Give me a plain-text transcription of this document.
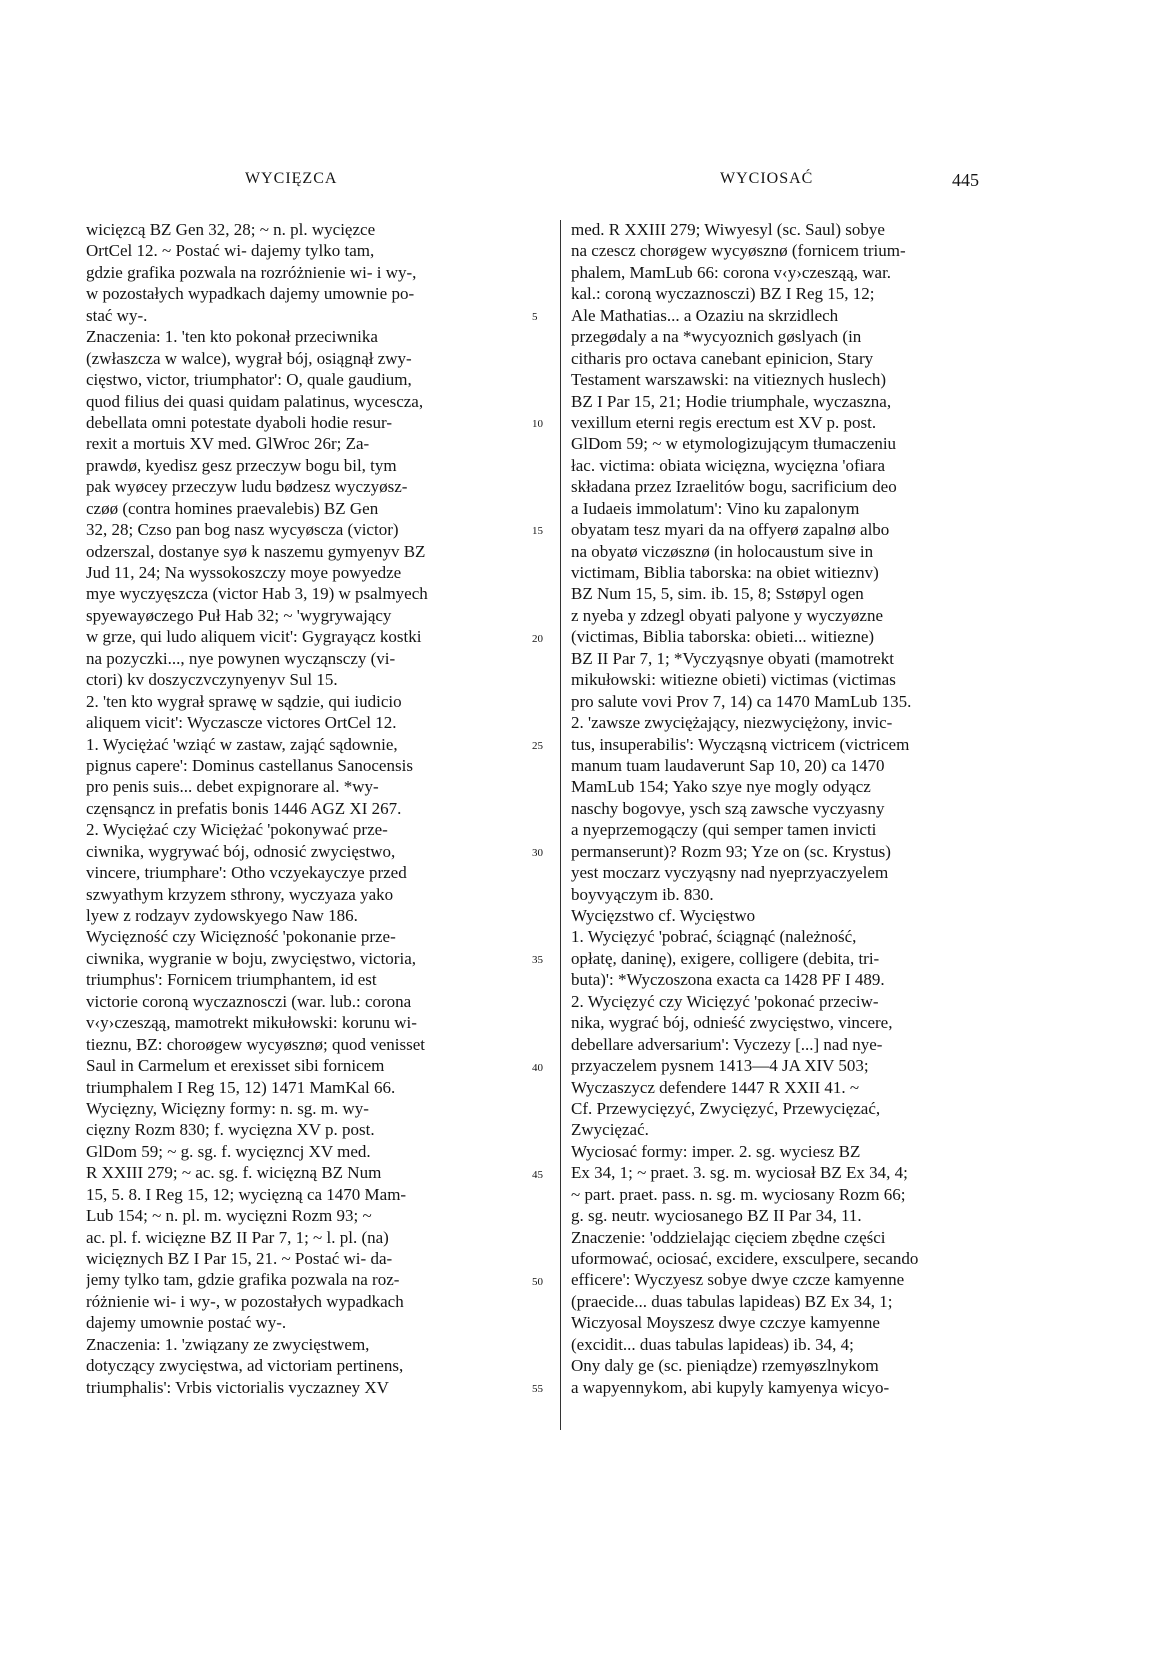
WYCIĘZCA	WYCIOSAĆ	445
wicięzcą BZ Gen 32, 28; ~ n. pl. wycięzce
OrtCel 12. ~ Postać wi- dajemy tylko tam,
gdzie grafika pozwala na rozróżnienie wi- i wy-,
w pozostałych wypadkach dajemy umownie po-
stać wy-.
Znaczenia: 1. 'ten kto pokonał przeciwnika
(zwłaszcza w walce), wygrał bój, osiągnął zwy-
cięstwo, victor, triumphator': O, quale gaudium,
quod filius dei quasi quidam palatinus, wycescza,
debellata omni potestate dyaboli hodie resur-
rexit a mortuis XV med. GlWroc 26r; Za-
prawdø, kyedisz gesz przeczyw bogu bil, tym
pak wyøcey przeczyw ludu bødzesz wyczyøsz-
czøø (contra homines praevalebis) BZ Gen
32, 28; Czso pan bog nasz wycyøscza (victor)
odzerszal, dostanye syø k naszemu gymyenyv BZ
Jud 11, 24; Na wyssokoszczy moye powyedze
mye wyczyęszcza (victor Hab 3, 19) w psalmyech
spyewayøczego Puł Hab 32; ~ 'wygrywający
w grze, qui ludo aliquem vicit': Gygrayącz kostki
na pozyczki..., nye powynen wycząnsczy (vi-
ctori) kv doszyczvczynyenyv Sul 15.
2. 'ten kto wygrał sprawę w sądzie, qui iudicio
aliquem vicit': Wyczascze victores OrtCel 12.
1. Wyciężać 'wziąć w zastaw, zająć sądownie,
pignus capere': Dominus castellanus Sanocensis
pro penis suis... debet expignorare al. *wy-
częnsąncz in prefatis bonis 1446 AGZ XI 267.
2. Wyciężać czy Wiciężać 'pokonywać prze-
ciwnika, wygrywać bój, odnosić zwycięstwo,
vincere, triumphare': Otho vczyekayczye przed
szwyathym krzyzem sthrony, wyczyaza yako
lyew z rodzayv zydowskyego Naw 186.
Wycięzność czy Wicięzność 'pokonanie prze-
ciwnika, wygranie w boju, zwycięstwo, victoria,
triumphus': Fornicem triumphantem, id est
victorie coroną wyczaznosczi (war. lub.: corona
v‹y›czesząą, mamotrekt mikułowski: korunu wi-
tieznu, BZ: choroøgew wycyøsznø; quod venisset
Saul in Carmelum et erexisset sibi fornicem
triumphalem I Reg 15, 12) 1471 MamKal 66.
Wycięzny, Wicięzny formy: n. sg. m. wy-
cięzny Rozm 830; f. wycięzna XV p. post.
GlDom 59; ~ g. sg. f. wycięzncj XV med.
R XXIII 279; ~ ac. sg. f. wicięzną BZ Num
15, 5. 8. I Reg 15, 12; wycięzną ca 1470 Mam-
Lub 154; ~ n. pl. m. wycięzni Rozm 93; ~
ac. pl. f. wicięzne BZ II Par 7, 1; ~ l. pl. (na)
wicięznych BZ I Par 15, 21. ~ Postać wi- da-
jemy tylko tam, gdzie grafika pozwala na roz-
różnienie wi- i wy-, w pozostałych wypadkach
dajemy umownie postać wy-.
Znaczenia: 1. 'związany ze zwycięstwem,
dotyczący zwycięstwa, ad victoriam pertinens,
triumphalis': Vrbis victorialis vyczazney XV
5
10
15
20
25
30
35
40
45
50
55
med. R XXIII 279; Wiwyesyl (sc. Saul) sobye
na czescz chorøgew wycyøsznø (fornicem trium-
phalem, MamLub 66: corona v‹y›czesząą, war.
kal.: coroną wyczaznosczi) BZ I Reg 15, 12;
Ale Mathatias... a Ozaziu na skrzidlech
przegødaly a na *wycyoznich gøslyach (in
citharis pro octava canebant epinicion, Stary
Testament warszawski: na vitieznych huslech)
BZ I Par 15, 21; Hodie triumphale, wyczaszna,
vexillum eterni regis erectum est XV p. post.
GlDom 59; ~ w etymologizującym tłumaczeniu
łac. victima: obiata wicięzna, wycięzna 'ofiara
składana przez Izraelitów bogu, sacrificium deo
a Iudaeis immolatum': Vino ku zapalonym
obyatam tesz myari da na offyerø zapalnø albo
na obyatø viczøsznø (in holocaustum sive in
victimam, Biblia taborska: na obiet witieznv)
BZ Num 15, 5, sim. ib. 15, 8; Sstøpyl ogen
z nyeba y zdzegl obyati palyone y wyczyøzne
(victimas, Biblia taborska: obieti... witiezne)
BZ II Par 7, 1; *Vyczyąsnye obyati (mamotrekt
mikułowski: witiezne obieti) victimas (victimas
pro salute vovi Prov 7, 14) ca 1470 MamLub 135.
2. 'zawsze zwyciężający, niezwyciężony, invic-
tus, insuperabilis': Wycząsną victricem (victricem
manum tuam laudaverunt Sap 10, 20) ca 1470
MamLub 154; Yako szye nye mogly odyącz
naschy bogovye, ysch szą zawsche vyczyasny
a nyeprzemogączy (qui semper tamen invicti
permanserunt)? Rozm 93; Yze on (sc. Krystus)
yest moczarz vyczyąsny nad nyeprzyaczyelem
boyvyączym ib. 830.
Wycięzstwo cf. Wycięstwo
1. Wycięzyć 'pobrać, ściągnąć (należność,
opłatę, daninę), exigere, colligere (debita, tri-
buta)': *Wyczoszona exacta ca 1428 PF I 489.
2. Wycięzyć czy Wicięzyć 'pokonać przeciw-
nika, wygrać bój, odnieść zwycięstwo, vincere,
debellare adversarium': Vyczezy [...] nad nye-
przyaczelem pysnem 1413—4 JA XIV 503;
Wyczaszycz defendere 1447 R XXII 41. ~
Cf. Przewycięzyć, Zwycięzyć, Przewycięzać,
Zwycięzać.
Wyciosać formy: imper. 2. sg. wyciesz BZ
Ex 34, 1; ~ praet. 3. sg. m. wyciosał BZ Ex 34, 4;
~ part. praet. pass. n. sg. m. wyciosany Rozm 66;
g. sg. neutr. wyciosanego BZ II Par 34, 11.
Znaczenie: 'oddzielając cięciem zbędne części
uformować, ociosać, excidere, exsculpere, secando
efficere': Wyczyesz sobye dwye czcze kamyenne
(praecide... duas tabulas lapideas) BZ Ex 34, 1;
Wiczyosal Moyszesz dwye czczye kamyenne
(excidit... duas tabulas lapideas) ib. 34, 4;
Ony daly ge (sc. pieniądze) rzemyøszlnykom
a wapyennykom, abi kupyly kamyenya wicyo-
